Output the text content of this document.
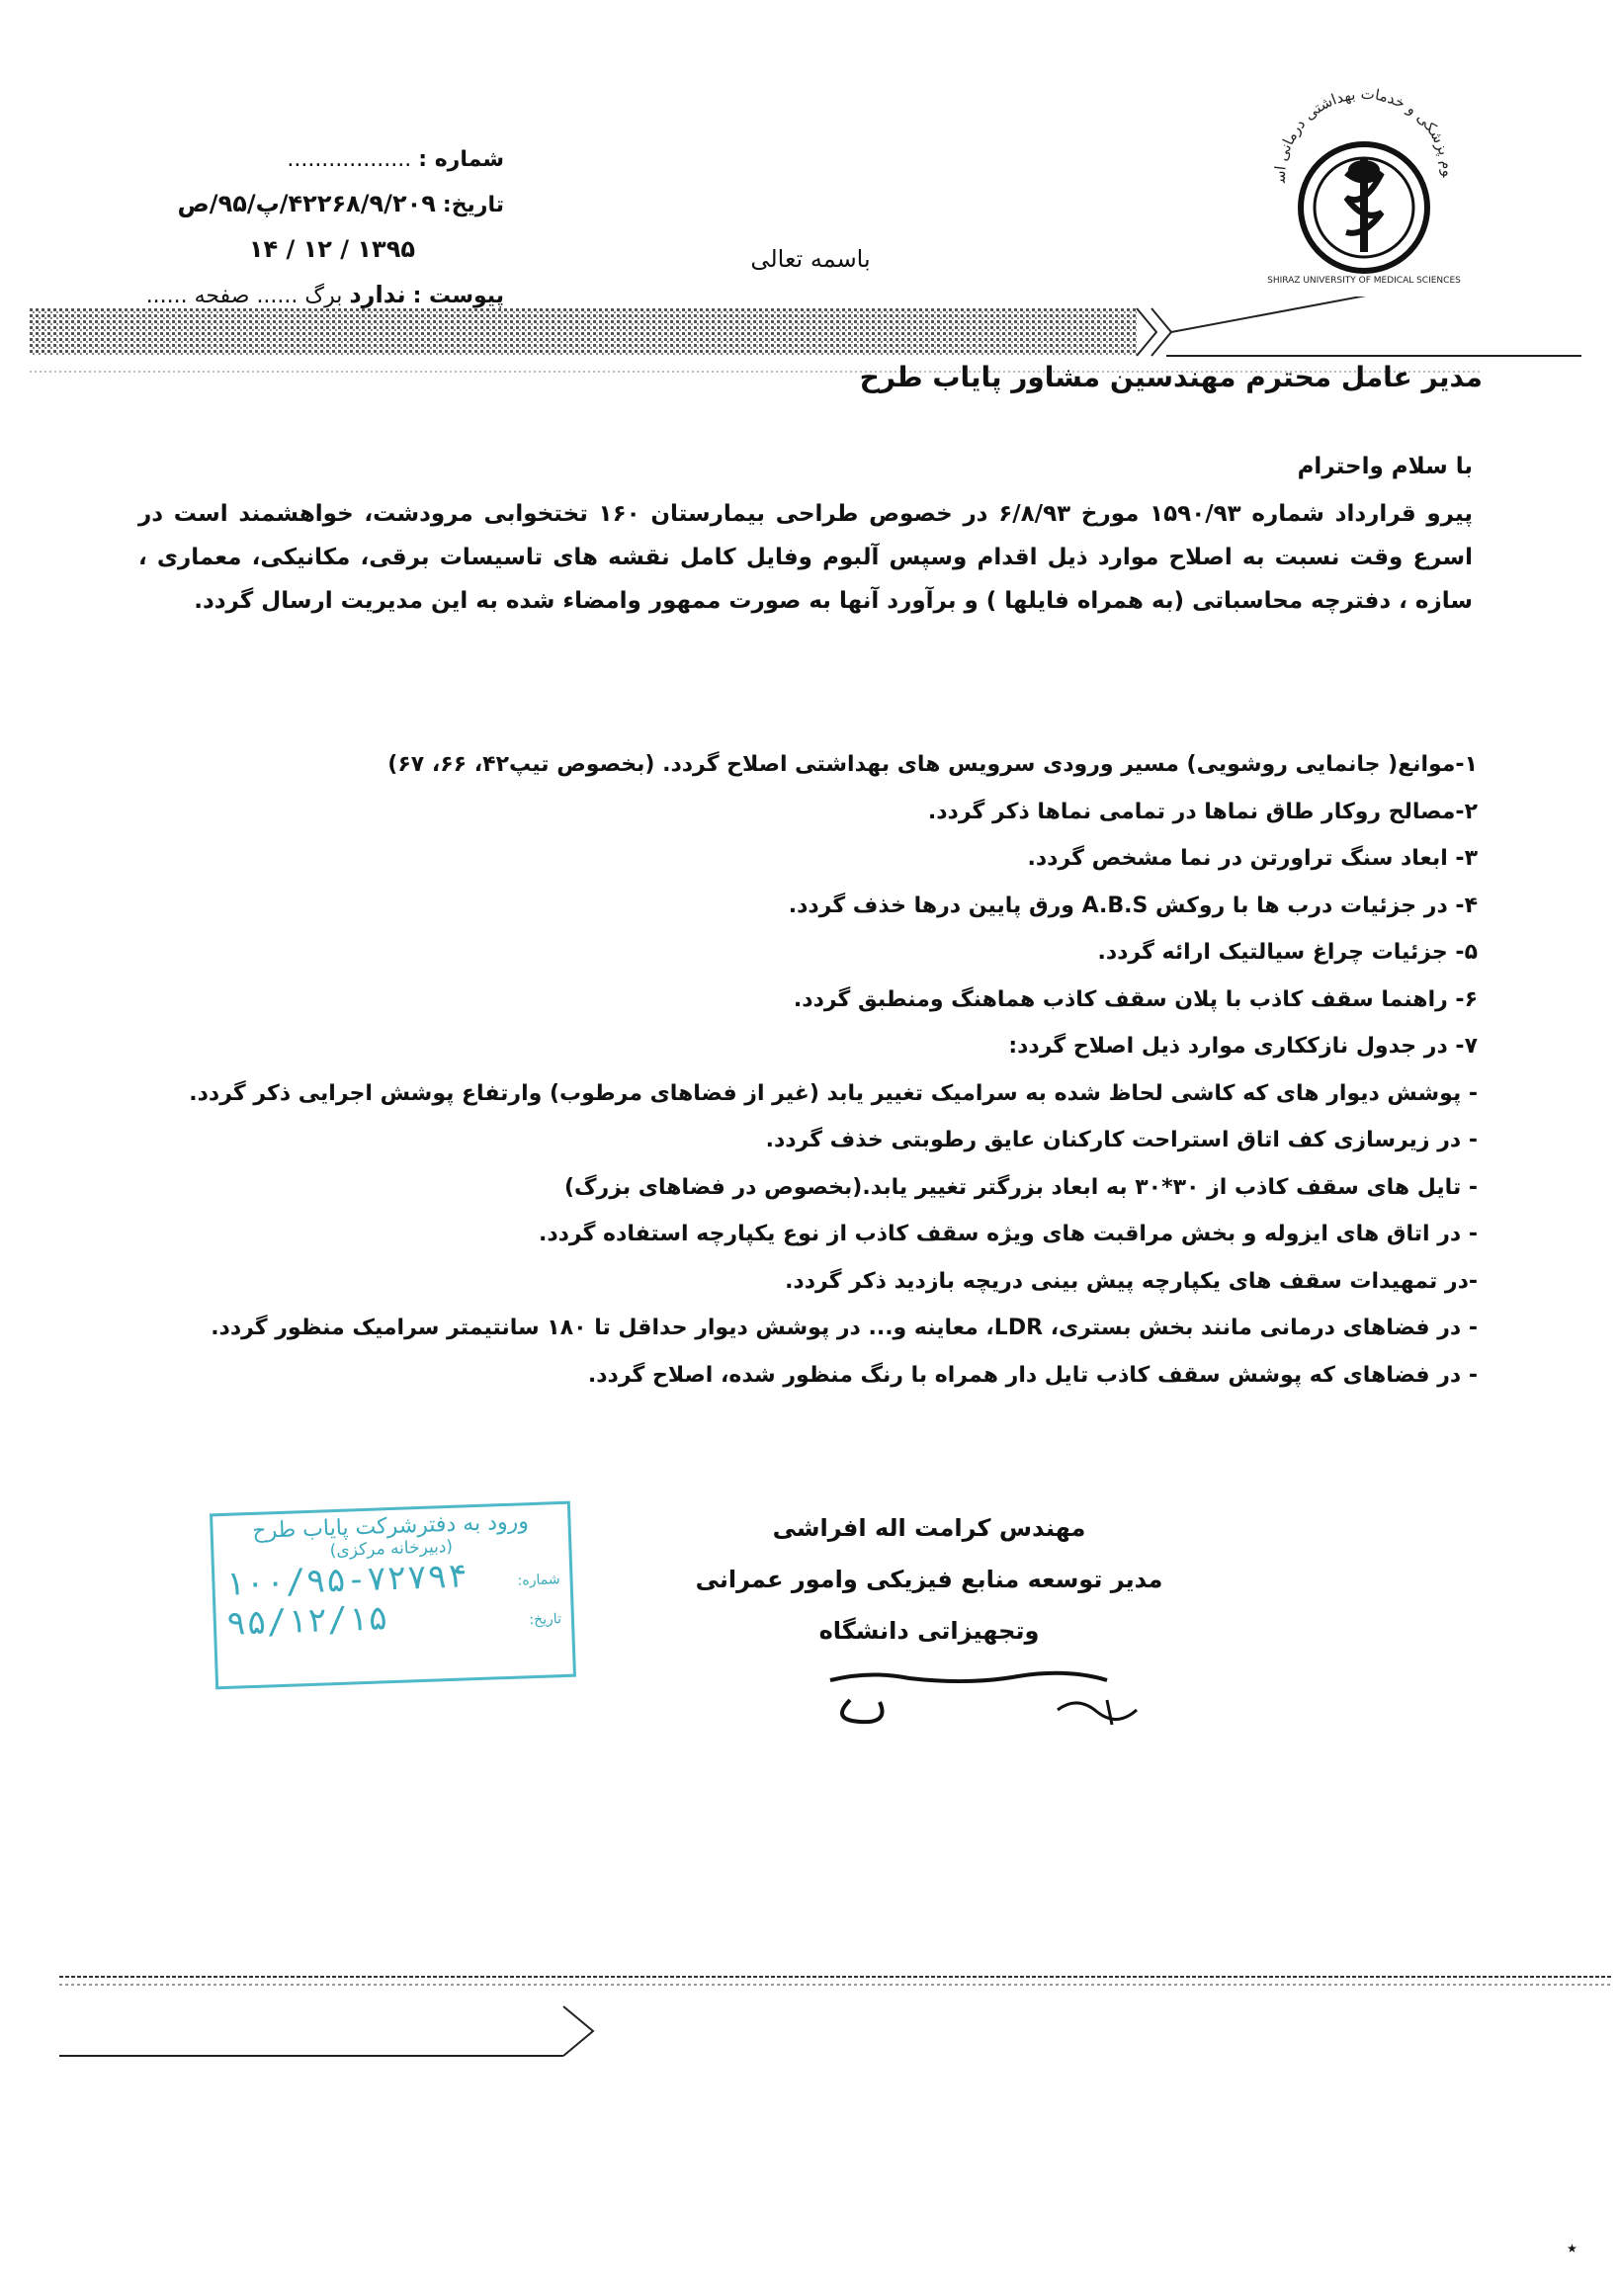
وم پزشکی و خدمات بهداشتی درمانی اس
SHIRAZ UNIVERSITY OF MEDICAL SCIENCES
شماره : ..................
تاریخ: ۴۲۲۶۸/۹/۲۰۹/پ/۹۵/ص
۱۳۹۵ / ۱۲ / ۱۴
پیوست : ندارد برگ ...... صفحه ......
باسمه تعالی
مدیر عامل محترم مهندسین مشاور پایاب طرح

با سلام واحترام

پیرو قرارداد شماره ۱۵۹۰/۹۳ مورخ ۶/۸/۹۳ در خصوص طراحی بیمارستان ۱۶۰ تختخوابی مرودشت، خواهشمند است در اسرع وقت نسبت به اصلاح موارد ذیل اقدام وسپس آلبوم وفایل کامل نقشه های تاسیسات برقی، مکانیکی، معماری ، سازه ، دفترچه محاسباتی (به همراه فایلها ) و برآورد آنها به صورت ممهور وامضاء شده به این مدیریت ارسال گردد.

۱-موانع( جانمایی روشویی) مسیر ورودی سرویس های بهداشتی اصلاح گردد. (بخصوص تیپ۴۲، ۶۶، ۶۷)
۲-مصالح روکار طاق نماها در تمامی نماها ذکر گردد.
۳- ابعاد سنگ تراورتن در نما مشخص گردد.
۴- در جزئیات درب ها با روکش A.B.S ورق پایین درها خذف گردد.
۵- جزئیات چراغ سیالتیک ارائه گردد.
۶- راهنما سقف کاذب با پلان سقف کاذب هماهنگ ومنطبق گردد.
۷- در جدول نازککاری موارد ذیل اصلاح گردد:
- پوشش دیوار های که کاشی لحاظ شده به سرامیک تغییر یابد (غیر از فضاهای مرطوب) وارتفاع پوشش اجرایی ذکر گردد.
- در زیرسازی کف اتاق استراحت کارکنان عایق رطوبتی خذف گردد.
- تایل های سقف کاذب از ۳۰*۳۰ به ابعاد بزرگتر تغییر یابد.(بخصوص در فضاهای بزرگ)
- در اتاق های ایزوله و بخش مراقبت های ویژه سقف کاذب از نوع یکپارچه استفاده گردد.
-در تمهیدات سقف های یکپارچه پیش بینی دریچه بازدید ذکر گردد.
- در فضاهای درمانی مانند بخش بستری، LDR، معاینه و... در پوشش دیوار حداقل تا ۱۸۰ سانتیمتر سرامیک منظور گردد.
- در فضاهای که پوشش سقف کاذب تایل دار همراه با رنگ منظور شده، اصلاح گردد.
ورود به دفترشرکت پایاب طرح
(دبیرخانه مرکزی)
شماره:
۱۰۰/۹۵-۷۲۷۹۴
تاریخ:
۹۵/۱۲/۱۵
مهندس کرامت اله افراشی
مدیر توسعه منابع فیزیکی وامور عمرانی
وتجهیزاتی دانشگاه
٭
